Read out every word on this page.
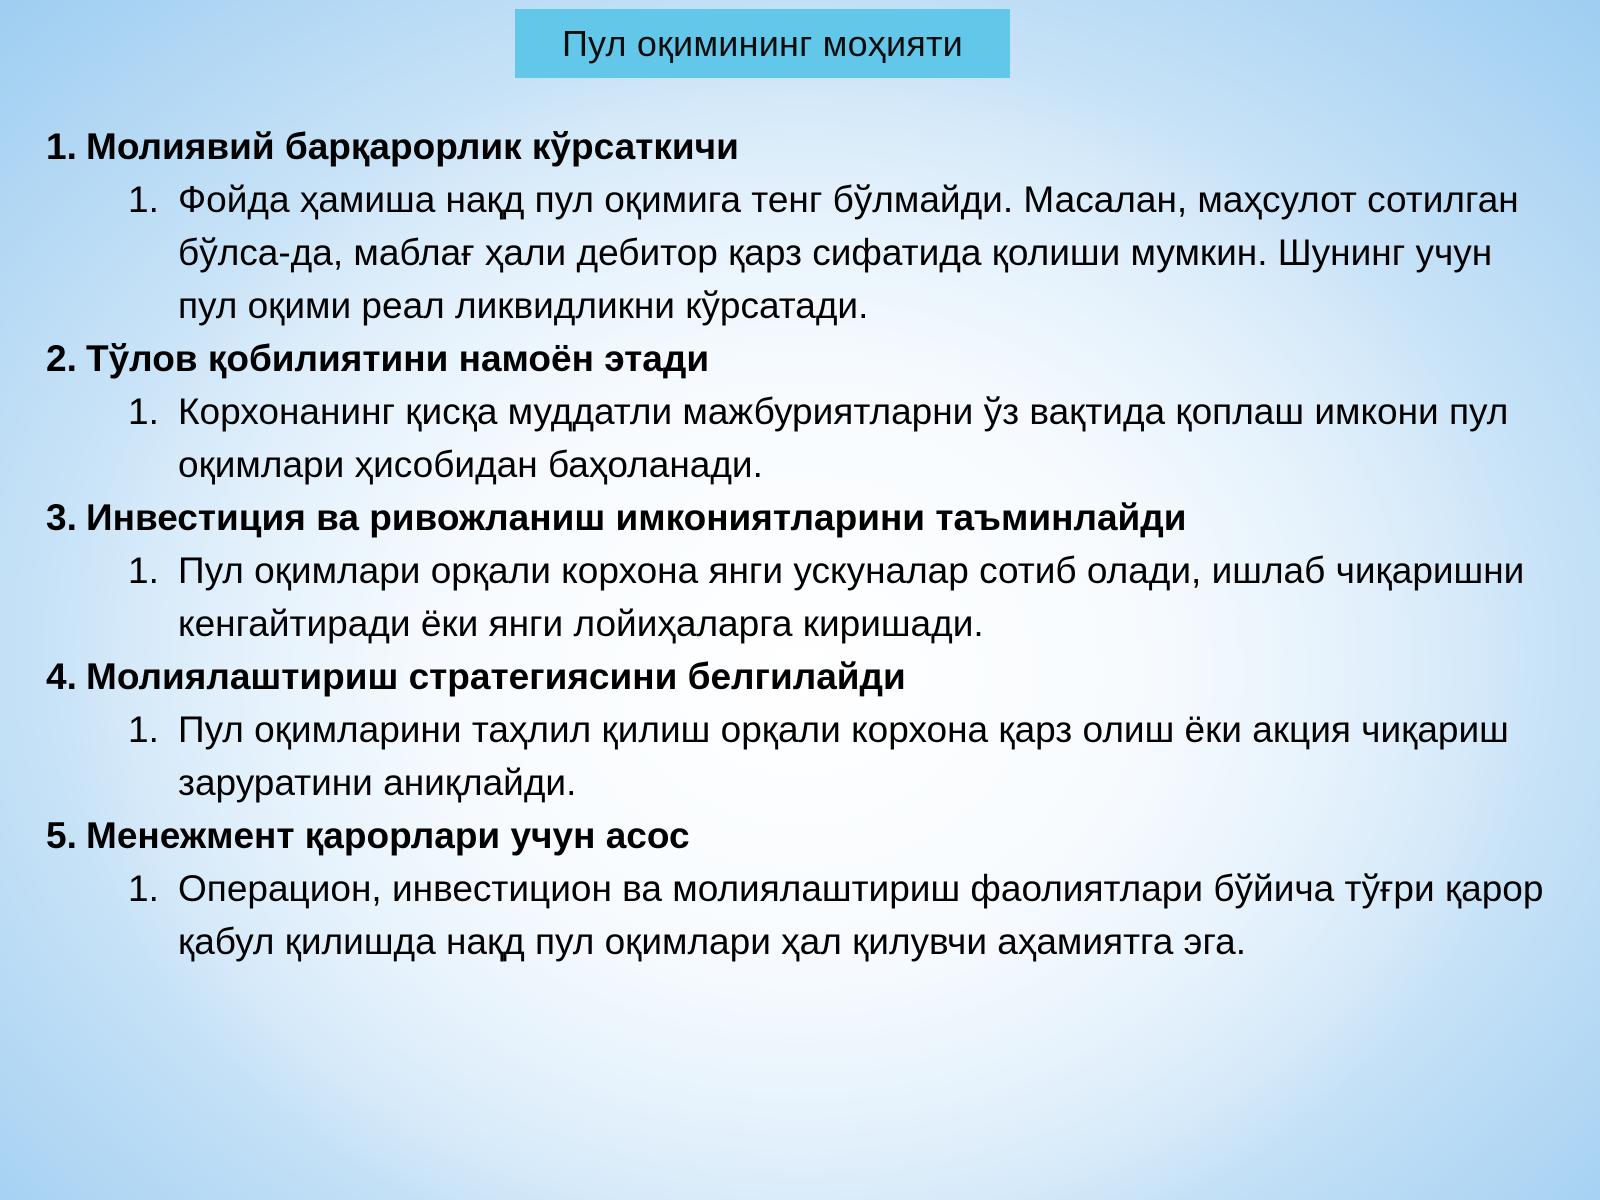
Пул оқимининг моҳияти
1. Молиявий барқарорлик кўрсаткичи
1. Фойда ҳамиша нақд пул оқимига тенг бўлмайди. Масалан, маҳсулот сотилган бўлса-да, маблағ ҳали дебитор қарз сифатида қолиши мумкин. Шунинг учун пул оқими реал ликвидликни кўрсатади.
2. Тўлов қобилиятини намоён этади
1. Корхонанинг қисқа муддатли мажбуриятларни ўз вақтида қоплаш имкони пул оқимлари ҳисобидан баҳоланади.
3. Инвестиция ва ривожланиш имкониятларини таъминлайди
1. Пул оқимлари орқали корхона янги ускуналар сотиб олади, ишлаб чиқаришни кенгайтиради ёки янги лойиҳаларга киришади.
4. Молиялаштириш стратегиясини белгилайди
1. Пул оқимларини таҳлил қилиш орқали корхона қарз олиш ёки акция чиқариш заруратини аниқлайди.
5. Менежмент қарорлари учун асос
1. Операцион, инвестицион ва молиялаштириш фаолиятлари бўйича тўғри қарор қабул қилишда нақд пул оқимлари ҳал қилувчи аҳамиятга эга.
